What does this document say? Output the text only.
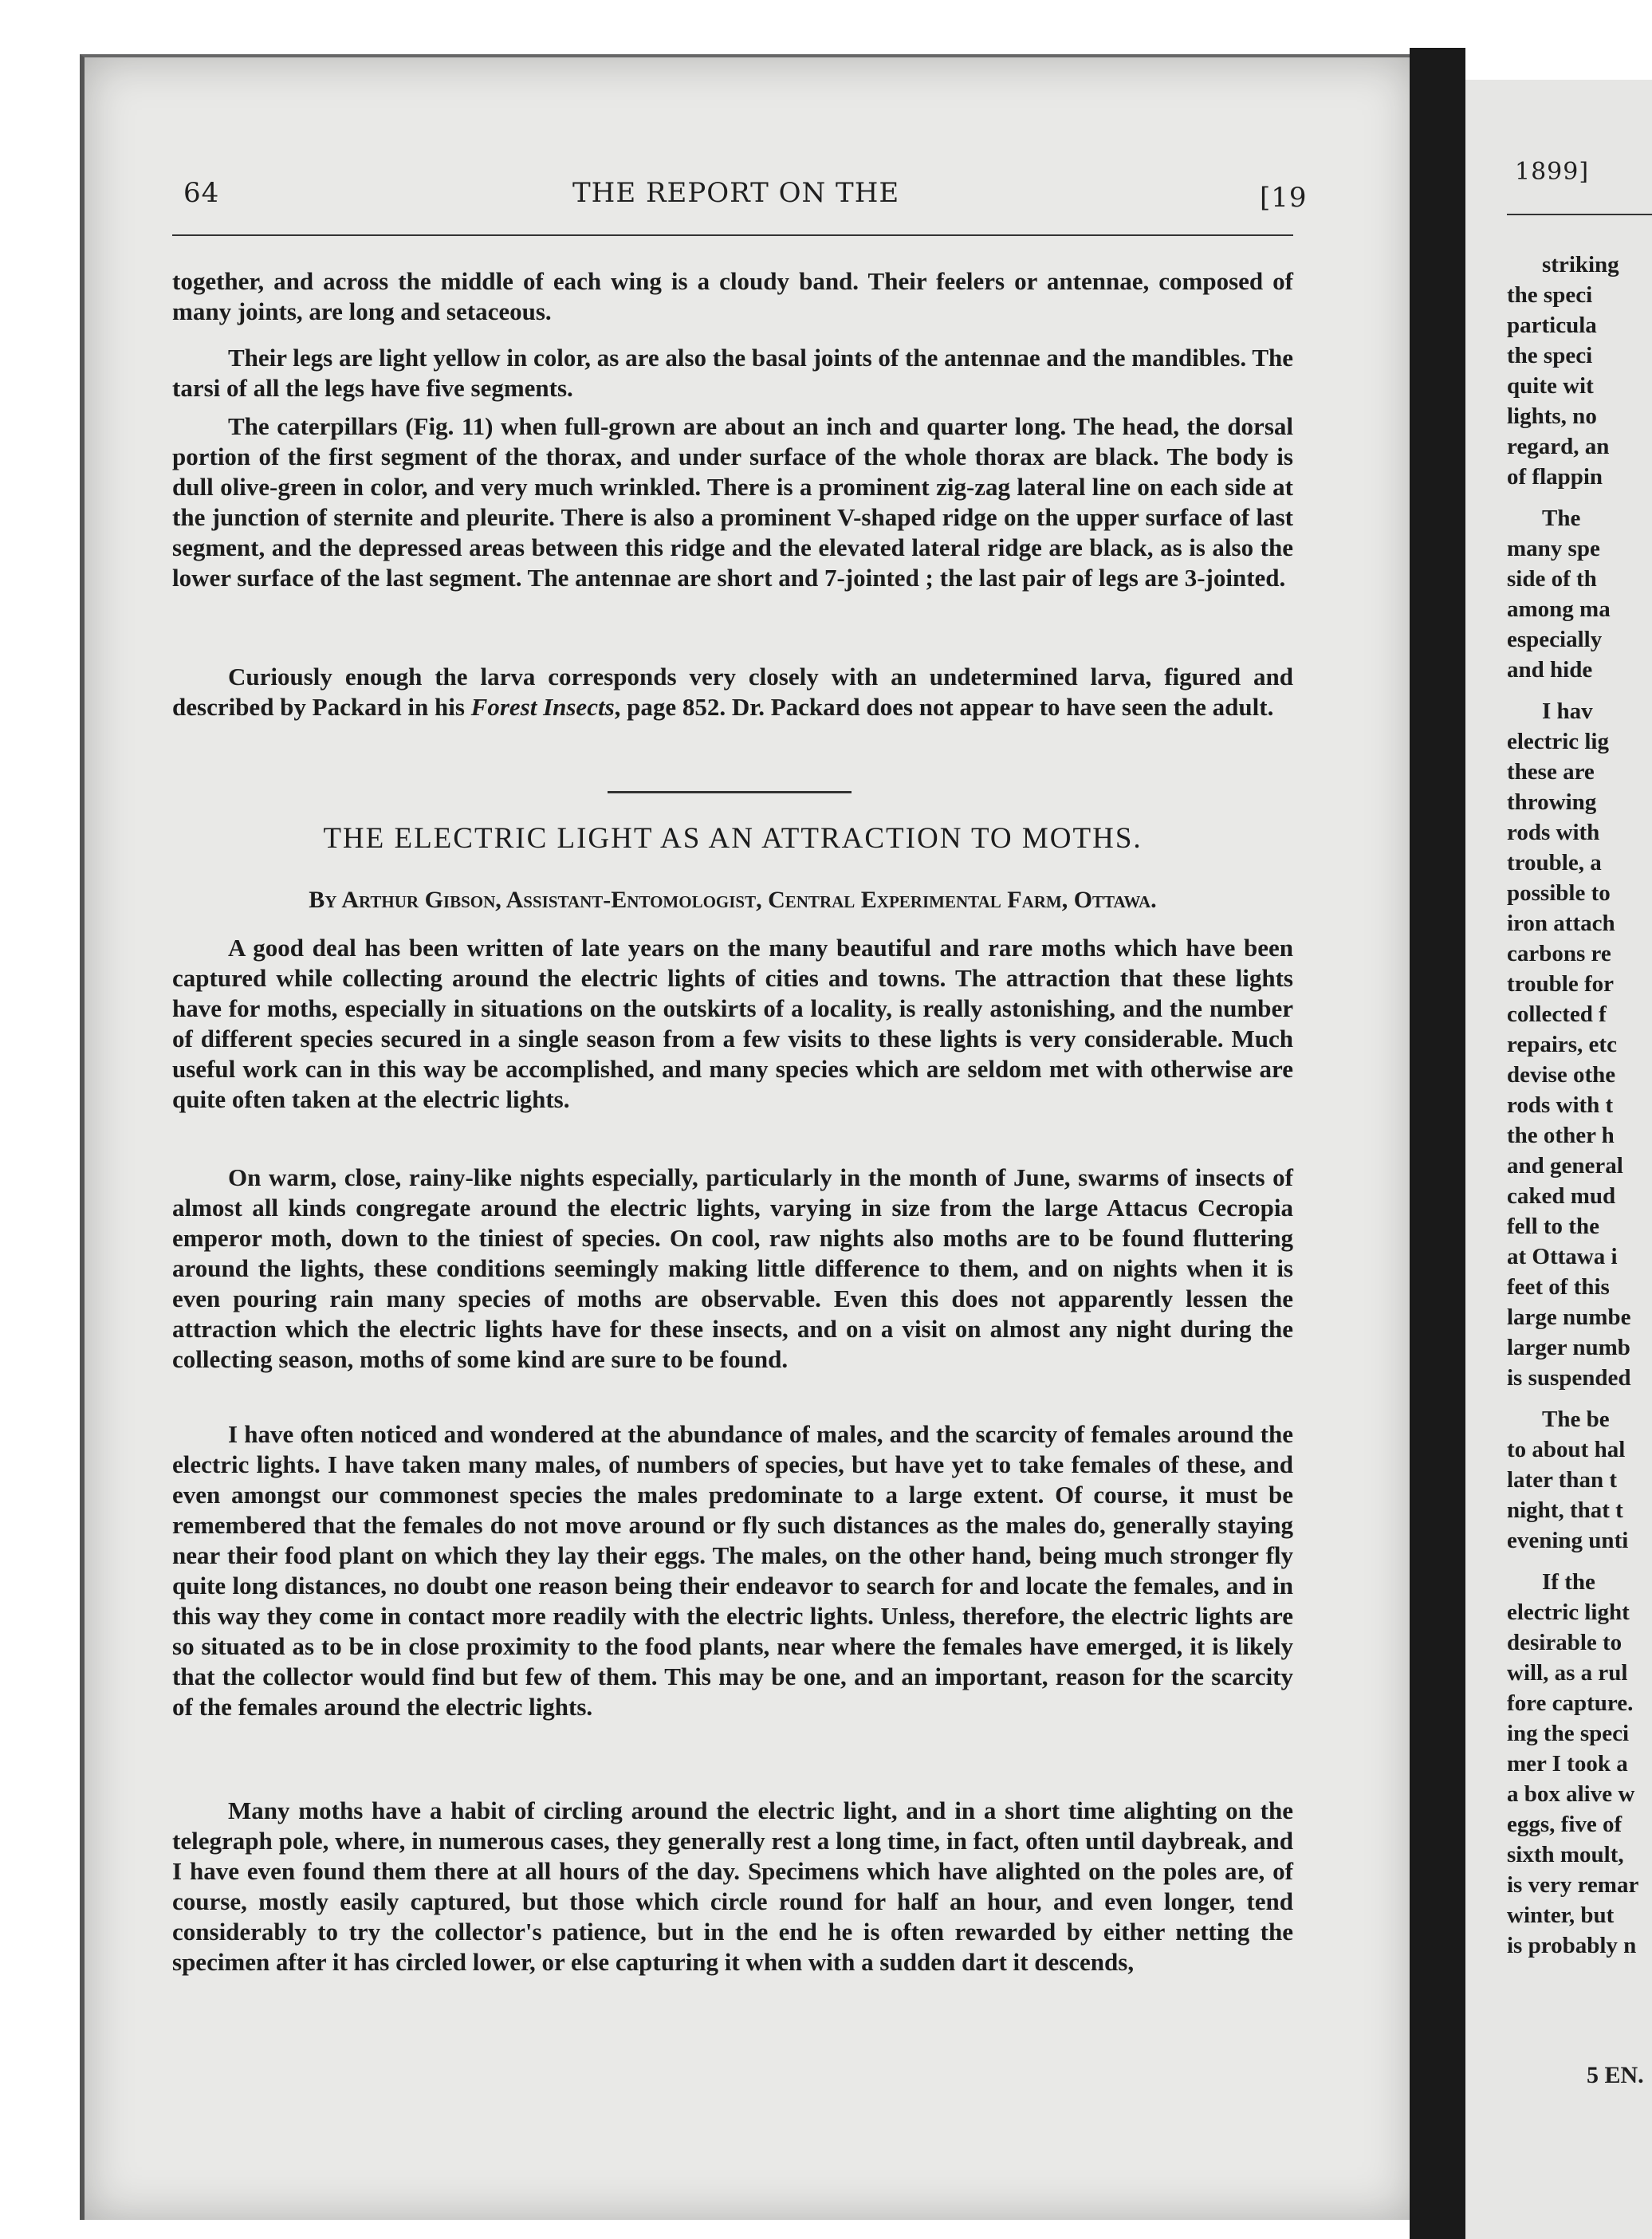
64	THE REPORT ON THE	[19

together, and across the middle of each wing is a cloudy band. Their feelers or antennae, composed of many joints, are long and setaceous.

Their legs are light yellow in color, as are also the basal joints of the antennae and the mandibles. The tarsi of all the legs have five segments.

The caterpillars (Fig. 11) when full-grown are about an inch and quarter long. The head, the dorsal portion of the first segment of the thorax, and under surface of the whole thorax are black. The body is dull olive-green in color, and very much wrinkled. There is a prominent zig-zag lateral line on each side at the junction of sternite and pleurite. There is also a prominent V-shaped ridge on the upper surface of last segment, and the depressed areas between this ridge and the elevated lateral ridge are black, as is also the lower surface of the last segment. The antennae are short and 7-jointed ; the last pair of legs are 3-jointed.

Curiously enough the larva corresponds very closely with an undetermined larva, figured and described by Packard in his Forest Insects, page 852. Dr. Packard does not appear to have seen the adult.

THE ELECTRIC LIGHT AS AN ATTRACTION TO MOTHS.
By Arthur Gibson, Assistant-Entomologist, Central Experimental Farm, Ottawa.

A good deal has been written of late years on the many beautiful and rare moths which have been captured while collecting around the electric lights of cities and towns. The attraction that these lights have for moths, especially in situations on the outskirts of a locality, is really astonishing, and the number of different species secured in a single season from a few visits to these lights is very considerable. Much useful work can in this way be accomplished, and many species which are seldom met with otherwise are quite often taken at the electric lights.

On warm, close, rainy-like nights especially, particularly in the month of June, swarms of insects of almost all kinds congregate around the electric lights, varying in size from the large Attacus Cecropia emperor moth, down to the tiniest of species. On cool, raw nights also moths are to be found fluttering around the lights, these conditions seemingly making little difference to them, and on nights when it is even pouring rain many species of moths are observable. Even this does not apparently lessen the attraction which the electric lights have for these insects, and on a visit on almost any night during the collecting season, moths of some kind are sure to be found.

I have often noticed and wondered at the abundance of males, and the scarcity of females around the electric lights. I have taken many males, of numbers of species, but have yet to take females of these, and even amongst our commonest species the males predominate to a large extent. Of course, it must be remembered that the females do not move around or fly such distances as the males do, generally staying near their food plant on which they lay their eggs. The males, on the other hand, being much stronger fly quite long distances, no doubt one reason being their endeavor to search for and locate the females, and in this way they come in contact more readily with the electric lights. Unless, therefore, the electric lights are so situated as to be in close proximity to the food plants, near where the females have emerged, it is likely that the collector would find but few of them. This may be one, and an important, reason for the scarcity of the females around the electric lights.

Many moths have a habit of circling around the electric light, and in a short time alighting on the telegraph pole, where, in numerous cases, they generally rest a long time, in fact, often until daybreak, and I have even found them there at all hours of the day. Specimens which have alighted on the poles are, of course, mostly easily captured, but those which circle round for half an hour, and even longer, tend considerably to try the collector's patience, but in the end he is often rewarded by either netting the specimen after it has circled lower, or else capturing it when with a sudden dart it descends,

1899]
striking
the speci
particula
the speci
quite wit
lights, no
regard, an
of flappin
The
many spe
side of th
among ma
especially
and hide
I hav
electric lig
these are
throwing
rods with
trouble, a
possible to
iron attach
carbons re
trouble for
collected f
repairs, etc
devise othe
rods with t
the other h
and general
caked mud
fell to the
at Ottawa i
feet of this
large numbe
larger numb
is suspended
The be
to about hal
later than t
night, that t
evening unti
If the
electric light
desirable to
will, as a rul
fore capture.
ing the speci
mer I took a
a box alive w
eggs, five of
sixth moult,
is very remar
winter, but
is probably n
5 EN.
